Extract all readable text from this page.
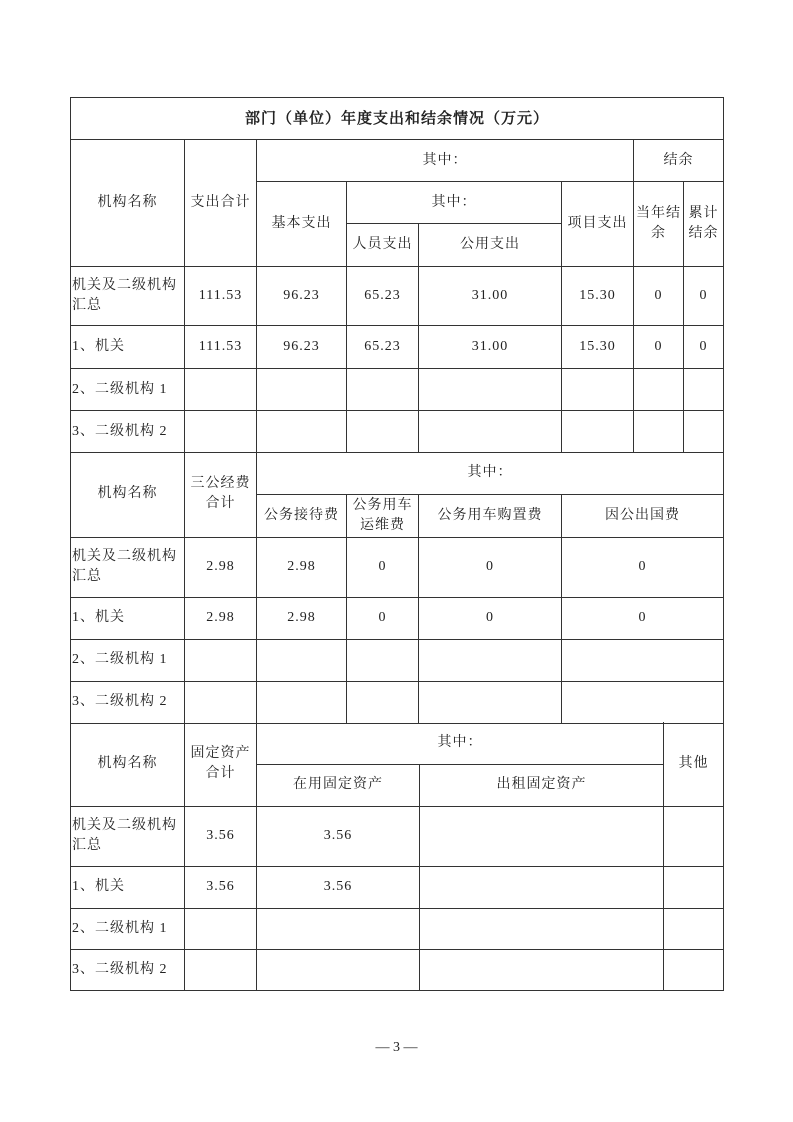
部门（单位）年度支出和结余情况（万元）							
机构名称	支出合计	其中：				结余	
		基本支出	其中：		项目支出	当年结余	累计结余
			人员支出	公用支出			
机关及二级机构汇总	111.53	96.23	65.23	31.00	15.30	0	0
1、机关	111.53	96.23	65.23	31.00	15.30	0	0
2、二级机构 1							
3、二级机构 2							
机构名称	三公经费合计	其中：			
		公务接待费	公务用车运维费	公务用车购置费	因公出国费
机关及二级机构汇总	2.98	2.98	0	0	0
1、机关	2.98	2.98	0	0	0
2、二级机构 1					
3、二级机构 2					
机构名称	固定资产合计	其中：		其他
		在用固定资产	出租固定资产	
机关及二级机构汇总	3.56	3.56		
1、机关	3.56	3.56		
2、二级机构 1				
3、二级机构 2				
— 3 —
